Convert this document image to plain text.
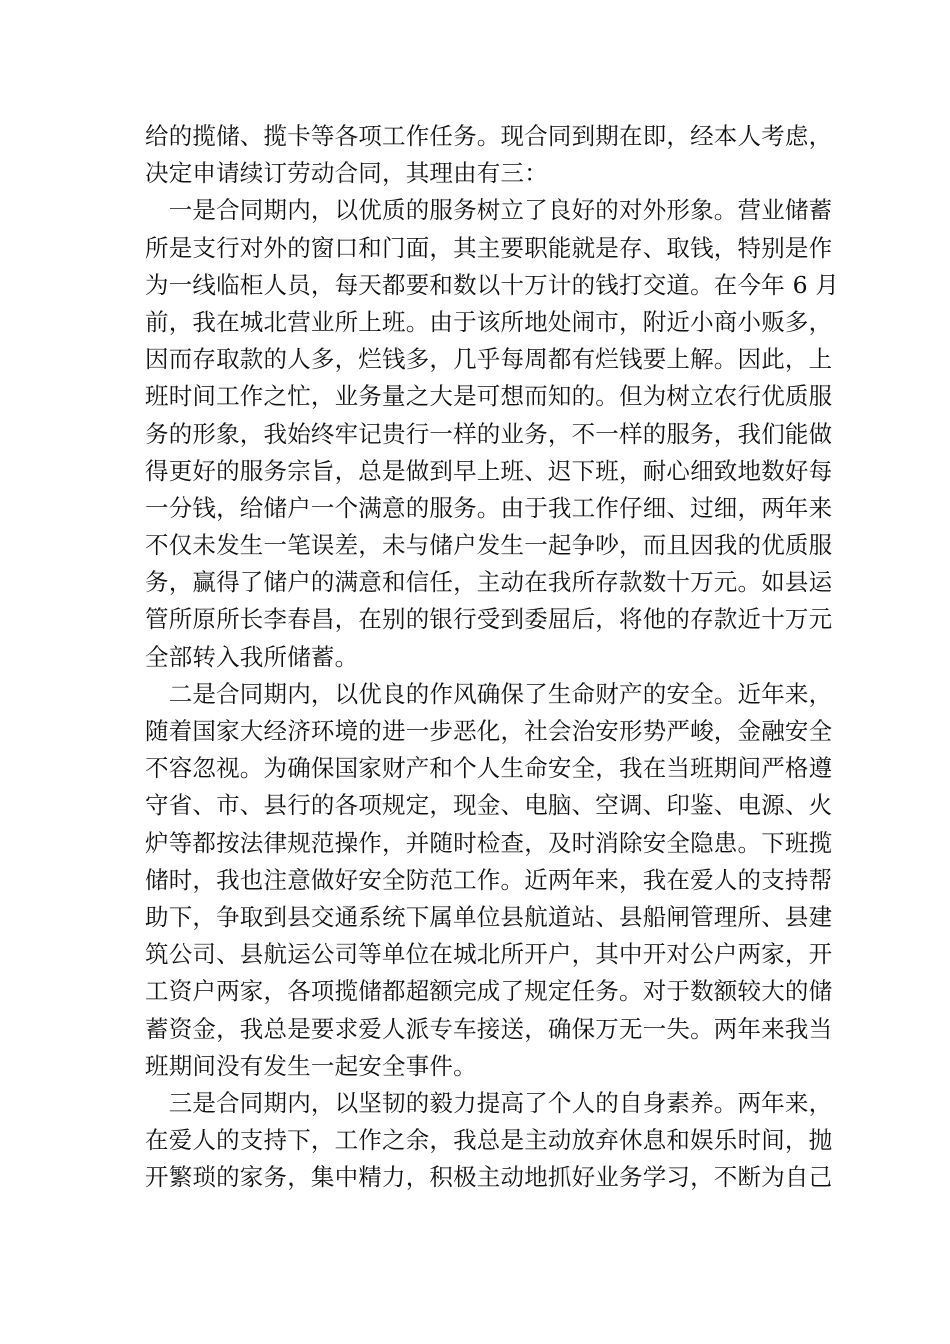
给的揽储、揽卡等各项工作任务。现合同到期在即，经本人考虑，
决定申请续订劳动合同，其理由有三：
　一是合同期内，以优质的服务树立了良好的对外形象。营业储蓄
所是支行对外的窗口和门面，其主要职能就是存、取钱，特别是作
为一线临柜人员，每天都要和数以十万计的钱打交道。在今年 6 月
前，我在城北营业所上班。由于该所地处闹市，附近小商小贩多，
因而存取款的人多，烂钱多，几乎每周都有烂钱要上解。因此，上
班时间工作之忙，业务量之大是可想而知的。但为树立农行优质服
务的形象，我始终牢记贵行一样的业务，不一样的服务，我们能做
得更好的服务宗旨，总是做到早上班、迟下班，耐心细致地数好每
一分钱，给储户一个满意的服务。由于我工作仔细、过细，两年来
不仅未发生一笔误差，未与储户发生一起争吵，而且因我的优质服
务，赢得了储户的满意和信任，主动在我所存款数十万元。如县运
管所原所长李春昌，在别的银行受到委屈后，将他的存款近十万元
全部转入我所储蓄。
　二是合同期内，以优良的作风确保了生命财产的安全。近年来，
随着国家大经济环境的进一步恶化，社会治安形势严峻，金融安全
不容忽视。为确保国家财产和个人生命安全，我在当班期间严格遵
守省、市、县行的各项规定，现金、电脑、空调、印鉴、电源、火
炉等都按法律规范操作，并随时检查，及时消除安全隐患。下班揽
储时，我也注意做好安全防范工作。近两年来，我在爱人的支持帮
助下，争取到县交通系统下属单位县航道站、县船闸管理所、县建
筑公司、县航运公司等单位在城北所开户，其中开对公户两家，开
工资户两家，各项揽储都超额完成了规定任务。对于数额较大的储
蓄资金，我总是要求爱人派专车接送，确保万无一失。两年来我当
班期间没有发生一起安全事件。
　三是合同期内，以坚韧的毅力提高了个人的自身素养。两年来，
在爱人的支持下，工作之余，我总是主动放弃休息和娱乐时间，抛
开繁琐的家务，集中精力，积极主动地抓好业务学习，不断为自己
